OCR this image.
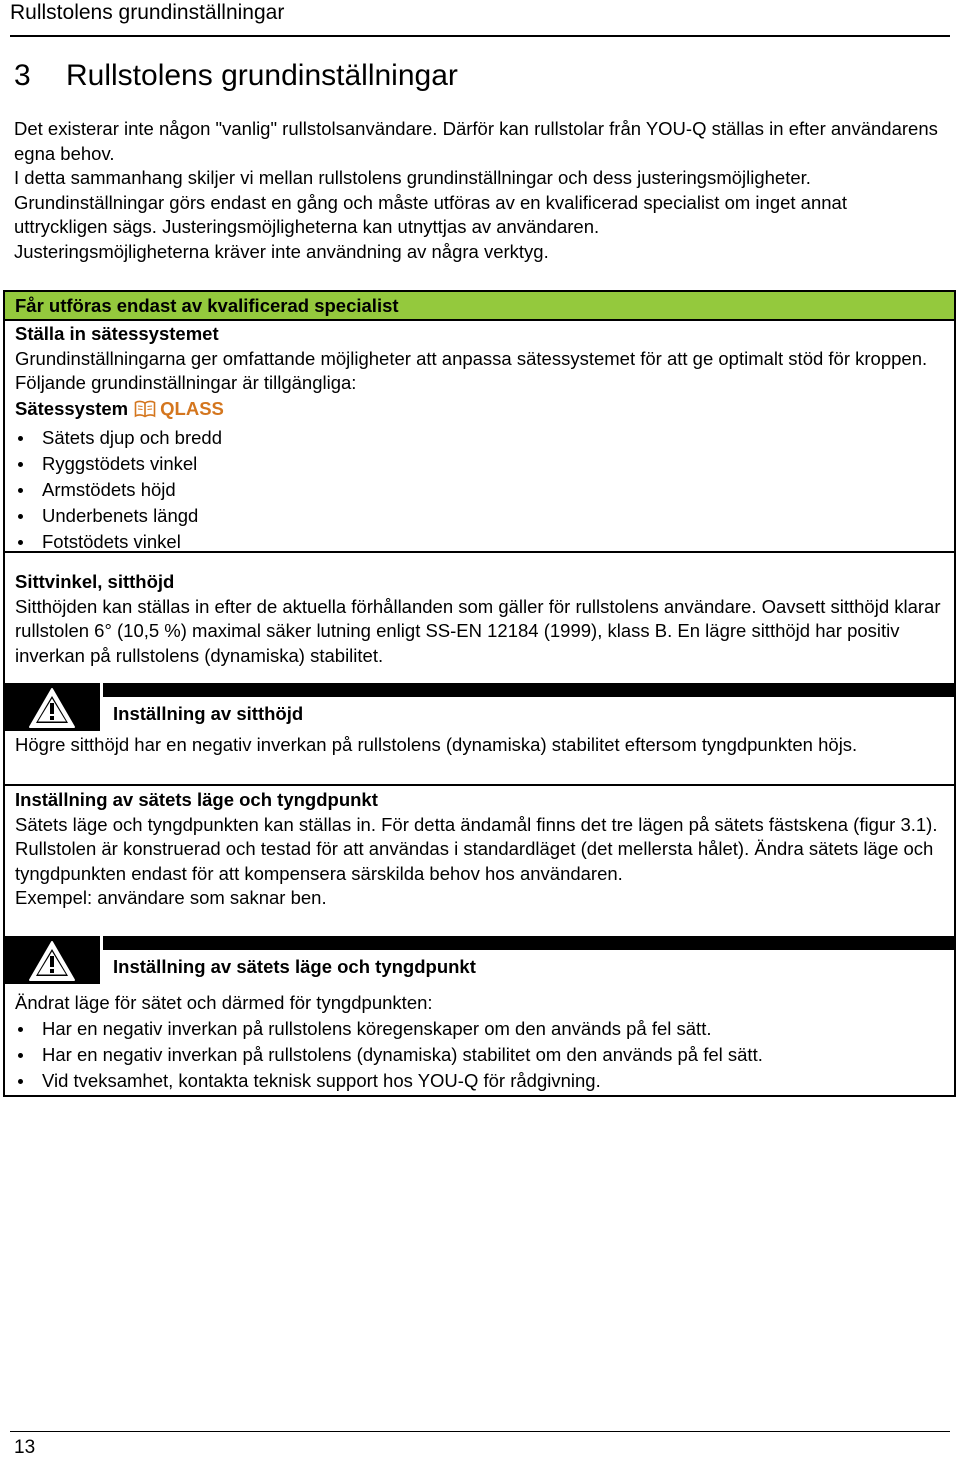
Rullstolens grundinställningar
3 Rullstolens grundinställningar

Det existerar inte någon "vanlig" rullstolsanvändare. Därför kan rullstolar från YOU-Q ställas in efter användarens egna behov.

I detta sammanhang skiljer vi mellan rullstolens grundinställningar och dess justeringsmöjligheter.

Grundinställningar görs endast en gång och måste utföras av en kvalificerad specialist om inget annat uttryckligen sägs. Justeringsmöjligheterna kan utnyttjas av användaren.

Justeringsmöjligheterna kräver inte användning av några verktyg.

Får utföras endast av kvalificerad specialist

Ställa in sätessystemet

Grundinställningarna ger omfattande möjligheter att anpassa sätessystemet för att ge optimalt stöd för kroppen. Följande grundinställningar är tillgängliga:

Sätessystem QLASS

Sätets djup och bredd
Ryggstödets vinkel
Armstödets höjd
Underbenets längd
Fotstödets vinkel

Sittvinkel, sitthöjd

Sitthöjden kan ställas in efter de aktuella förhållanden som gäller för rullstolens användare. Oavsett sitthöjd klarar rullstolen 6° (10,5 %) maximal säker lutning enligt SS-EN 12184 (1999), klass B. En lägre sitthöjd har positiv inverkan på rullstolens (dynamiska) stabilitet.

Inställning av sitthöjd

Högre sitthöjd har en negativ inverkan på rullstolens (dynamiska) stabilitet eftersom tyngdpunkten höjs.

Inställning av sätets läge och tyngdpunkt

Sätets läge och tyngdpunkten kan ställas in. För detta ändamål finns det tre lägen på sätets fästskena (figur 3.1).

Rullstolen är konstruerad och testad för att användas i standardläget (det mellersta hålet). Ändra sätets läge och tyngdpunkten endast för att kompensera särskilda behov hos användaren.

Exempel: användare som saknar ben.

Inställning av sätets läge och tyngdpunkt

Ändrat läge för sätet och därmed för tyngdpunkten:

Har en negativ inverkan på rullstolens köregenskaper om den används på fel sätt.
Har en negativ inverkan på rullstolens (dynamiska) stabilitet om den används på fel sätt.
Vid tveksamhet, kontakta teknisk support hos YOU-Q för rådgivning.
13
